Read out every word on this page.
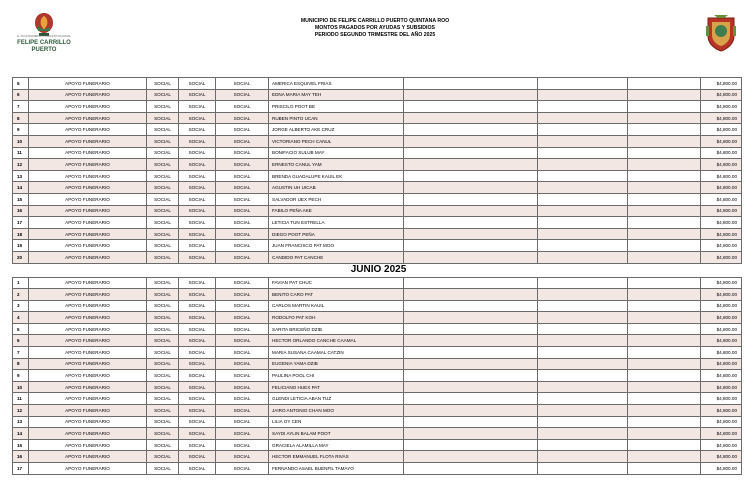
H. AYUNTAMIENTO CONSTITUCIONAL
FELIPE CARRILLO
PUERTO
MUNICIPIO DE FELIPE CARRILLO PUERTO QUINTANA ROO
MONTOS PAGADOS POR AYUDAS Y SUBSIDIOS
PERIODO SEGUNDO TRIMESTRE DEL AÑO 2025
5	APOYO FUNERARIO	SOCIAL	SOCIAL	SOCIAL	AMERICA ESQUIVEL FRIAS				$4,800.00
6	APOYO FUNERARIO	SOCIAL	SOCIAL	SOCIAL	EDNA MARIA MAY TEH				$4,800.00
7	APOYO FUNERARIO	SOCIAL	SOCIAL	SOCIAL	PRISCILO POOT BE				$4,800.00
8	APOYO FUNERARIO	SOCIAL	SOCIAL	SOCIAL	RUBEN PINTO UCAN				$4,800.00
9	APOYO FUNERARIO	SOCIAL	SOCIAL	SOCIAL	JORGE ALBERTO AKE CRUZ				$4,800.00
10	APOYO FUNERARIO	SOCIAL	SOCIAL	SOCIAL	VICTORIANO PECH CANUL				$4,800.00
11	APOYO FUNERARIO	SOCIAL	SOCIAL	SOCIAL	BONIFACIO SULUB MAY				$4,800.00
12	APOYO FUNERARIO	SOCIAL	SOCIAL	SOCIAL	ERNESTO CANUL YAM				$4,800.00
13	APOYO FUNERARIO	SOCIAL	SOCIAL	SOCIAL	BRENDA GUADALUPE KAUIL EK				$4,800.00
14	APOYO FUNERARIO	SOCIAL	SOCIAL	SOCIAL	AGUSTIN UH UICAB				$4,800.00
15	APOYO FUNERARIO	SOCIAL	SOCIAL	SOCIAL	SALVADOR UEX PECH				$4,800.00
16	APOYO FUNERARIO	SOCIAL	SOCIAL	SOCIAL	FABILO PEÑA AKE				$4,800.00
17	APOYO FUNERARIO	SOCIAL	SOCIAL	SOCIAL	LETICIA TUN ESTRELLA				$4,800.00
18	APOYO FUNERARIO	SOCIAL	SOCIAL	SOCIAL	DIEGO POOT PEÑA				$4,800.00
19	APOYO FUNERARIO	SOCIAL	SOCIAL	SOCIAL	JUAN FRANCISCO PAT MOO				$4,800.00
20	APOYO FUNERARIO	SOCIAL	SOCIAL	SOCIAL	CANDIDO PAT CANCHE				$4,800.00
JUNIO 2025									
1	APOYO FUNERARIO	SOCIAL	SOCIAL	SOCIAL	FAVIAN PAT CHUC				$4,800.00
2	APOYO FUNERARIO	SOCIAL	SOCIAL	SOCIAL	BENITO CARO PAT				$4,800.00
3	APOYO FUNERARIO	SOCIAL	SOCIAL	SOCIAL	CARLOS MARTIN KAUIL				$4,800.00
4	APOYO FUNERARIO	SOCIAL	SOCIAL	SOCIAL	RODOLFO PAT KOH				$4,800.00
5	APOYO FUNERARIO	SOCIAL	SOCIAL	SOCIAL	SARITA BRICEÑO DZIB				$4,800.00
6	APOYO FUNERARIO	SOCIAL	SOCIAL	SOCIAL	HECTOR ORLANDO CANCHE CAAMAL				$4,800.00
7	APOYO FUNERARIO	SOCIAL	SOCIAL	SOCIAL	MARIA SUSANA CAAMAL CATZIN				$4,800.00
8	APOYO FUNERARIO	SOCIAL	SOCIAL	SOCIAL	EUGENIA YAMA DZIB				$4,800.00
9	APOYO FUNERARIO	SOCIAL	SOCIAL	SOCIAL	PAULINA POOL CHI				$4,800.00
10	APOYO FUNERARIO	SOCIAL	SOCIAL	SOCIAL	FELICIANO HUEX PAT				$4,800.00
11	APOYO FUNERARIO	SOCIAL	SOCIAL	SOCIAL	GLENDI LETICIA ABAN TUZ				$4,800.00
12	APOYO FUNERARIO	SOCIAL	SOCIAL	SOCIAL	JAIRO ANTONIO CHAN MOO				$4,800.00
13	APOYO FUNERARIO	SOCIAL	SOCIAL	SOCIAL	LILIA OY CEN				$4,800.00
14	APOYO FUNERARIO	SOCIAL	SOCIAL	SOCIAL	SAYDI AYLIN BALAM POOT				$4,800.00
15	APOYO FUNERARIO	SOCIAL	SOCIAL	SOCIAL	GRACIELA ALAMILLA MAY				$4,800.00
16	APOYO FUNERARIO	SOCIAL	SOCIAL	SOCIAL	HECTOR EMMANUEL FLOTA RIVAS				$4,800.00
17	APOYO FUNERARIO	SOCIAL	SOCIAL	SOCIAL	FERNANDO ASAEL BUENFIL TAMAYO				$4,800.00
